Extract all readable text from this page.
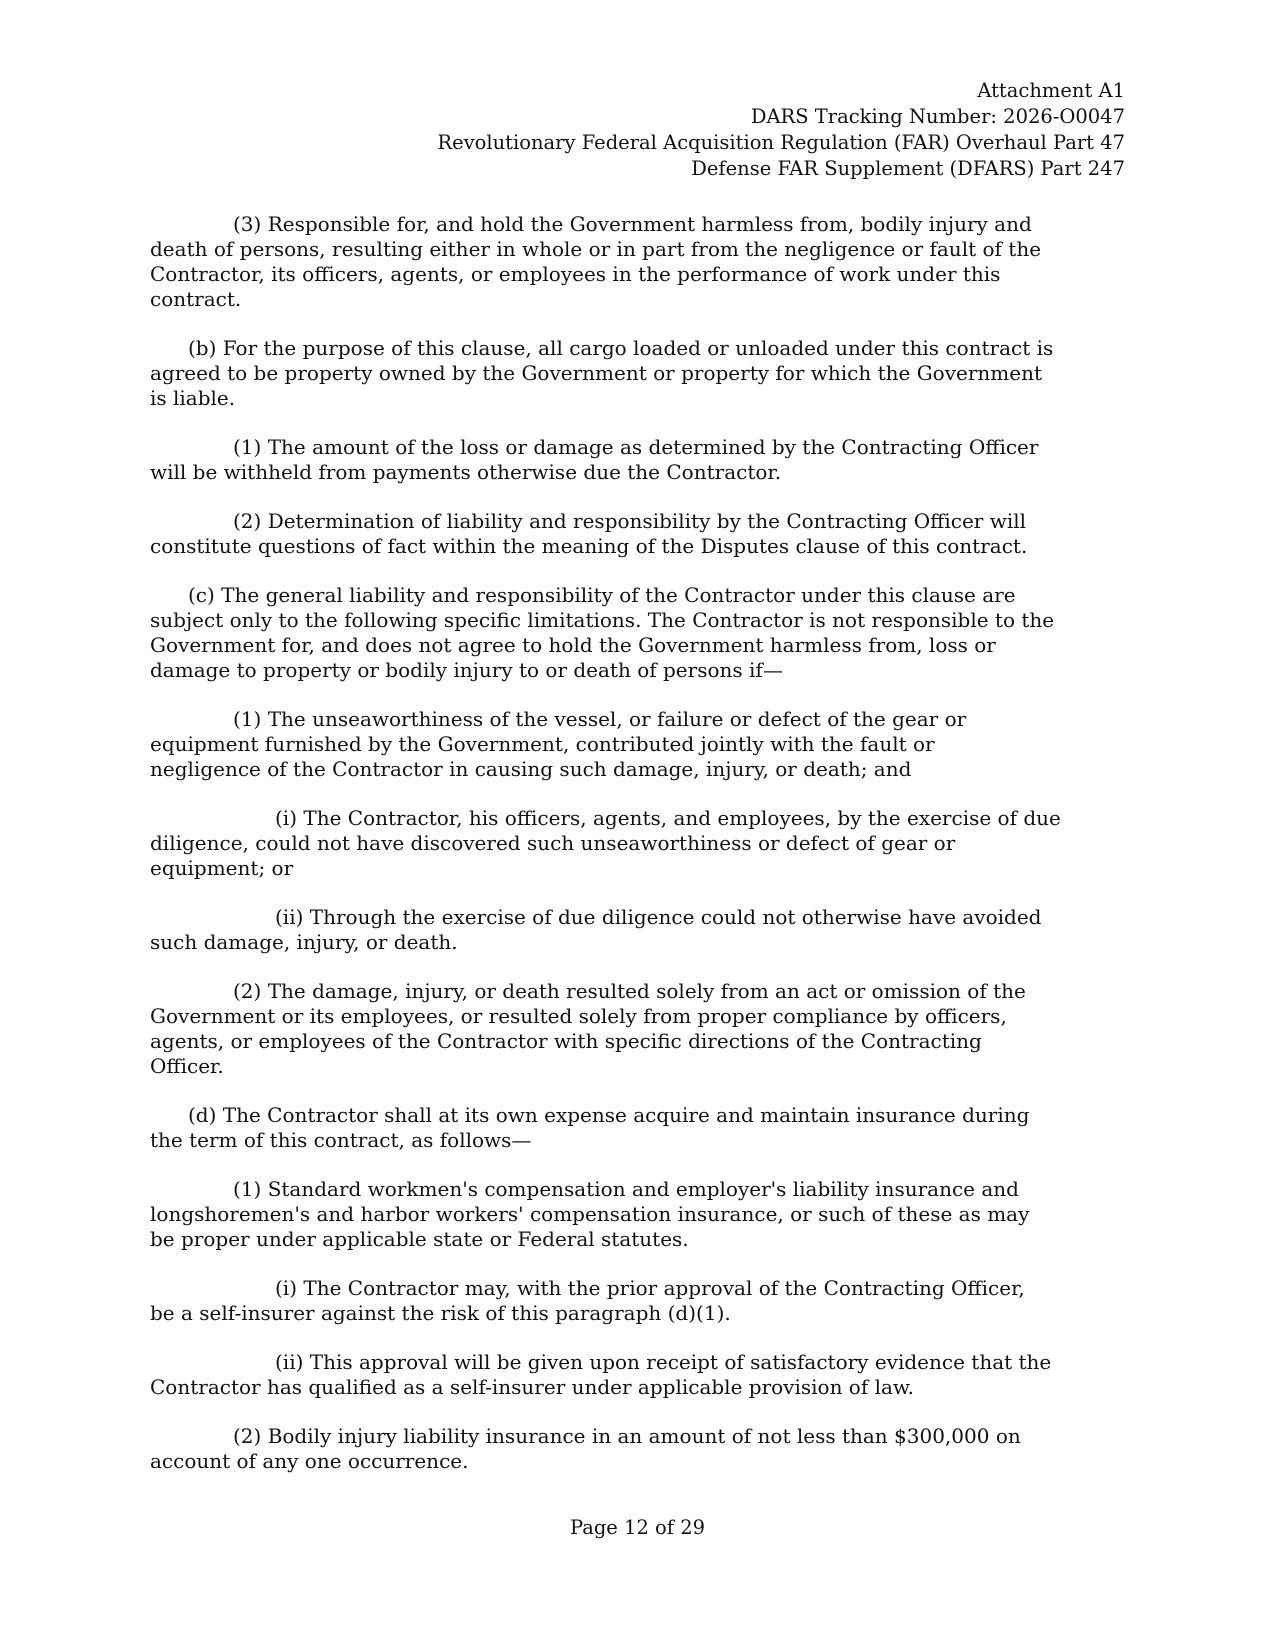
Attachment A1
DARS Tracking Number: 2026-O0047
Revolutionary Federal Acquisition Regulation (FAR) Overhaul Part 47
Defense FAR Supplement (DFARS) Part 247
(3) Responsible for, and hold the Government harmless from, bodily injury and
death of persons, resulting either in whole or in part from the negligence or fault of the
Contractor, its officers, agents, or employees in the performance of work under this
contract.
(b) For the purpose of this clause, all cargo loaded or unloaded under this contract is
agreed to be property owned by the Government or property for which the Government
is liable.
(1) The amount of the loss or damage as determined by the Contracting Officer
will be withheld from payments otherwise due the Contractor.
(2) Determination of liability and responsibility by the Contracting Officer will
constitute questions of fact within the meaning of the Disputes clause of this contract.
(c) The general liability and responsibility of the Contractor under this clause are
subject only to the following specific limitations. The Contractor is not responsible to the
Government for, and does not agree to hold the Government harmless from, loss or
damage to property or bodily injury to or death of persons if—
(1) The unseaworthiness of the vessel, or failure or defect of the gear or
equipment furnished by the Government, contributed jointly with the fault or
negligence of the Contractor in causing such damage, injury, or death; and
(i) The Contractor, his officers, agents, and employees, by the exercise of due
diligence, could not have discovered such unseaworthiness or defect of gear or
equipment; or
(ii) Through the exercise of due diligence could not otherwise have avoided
such damage, injury, or death.
(2) The damage, injury, or death resulted solely from an act or omission of the
Government or its employees, or resulted solely from proper compliance by officers,
agents, or employees of the Contractor with specific directions of the Contracting
Officer.
(d) The Contractor shall at its own expense acquire and maintain insurance during
the term of this contract, as follows—
(1) Standard workmen's compensation and employer's liability insurance and
longshoremen's and harbor workers' compensation insurance, or such of these as may
be proper under applicable state or Federal statutes.
(i) The Contractor may, with the prior approval of the Contracting Officer,
be a self-insurer against the risk of this paragraph (d)(1).
(ii) This approval will be given upon receipt of satisfactory evidence that the
Contractor has qualified as a self-insurer under applicable provision of law.
(2) Bodily injury liability insurance in an amount of not less than $300,000 on
account of any one occurrence.
Page 12 of 29
